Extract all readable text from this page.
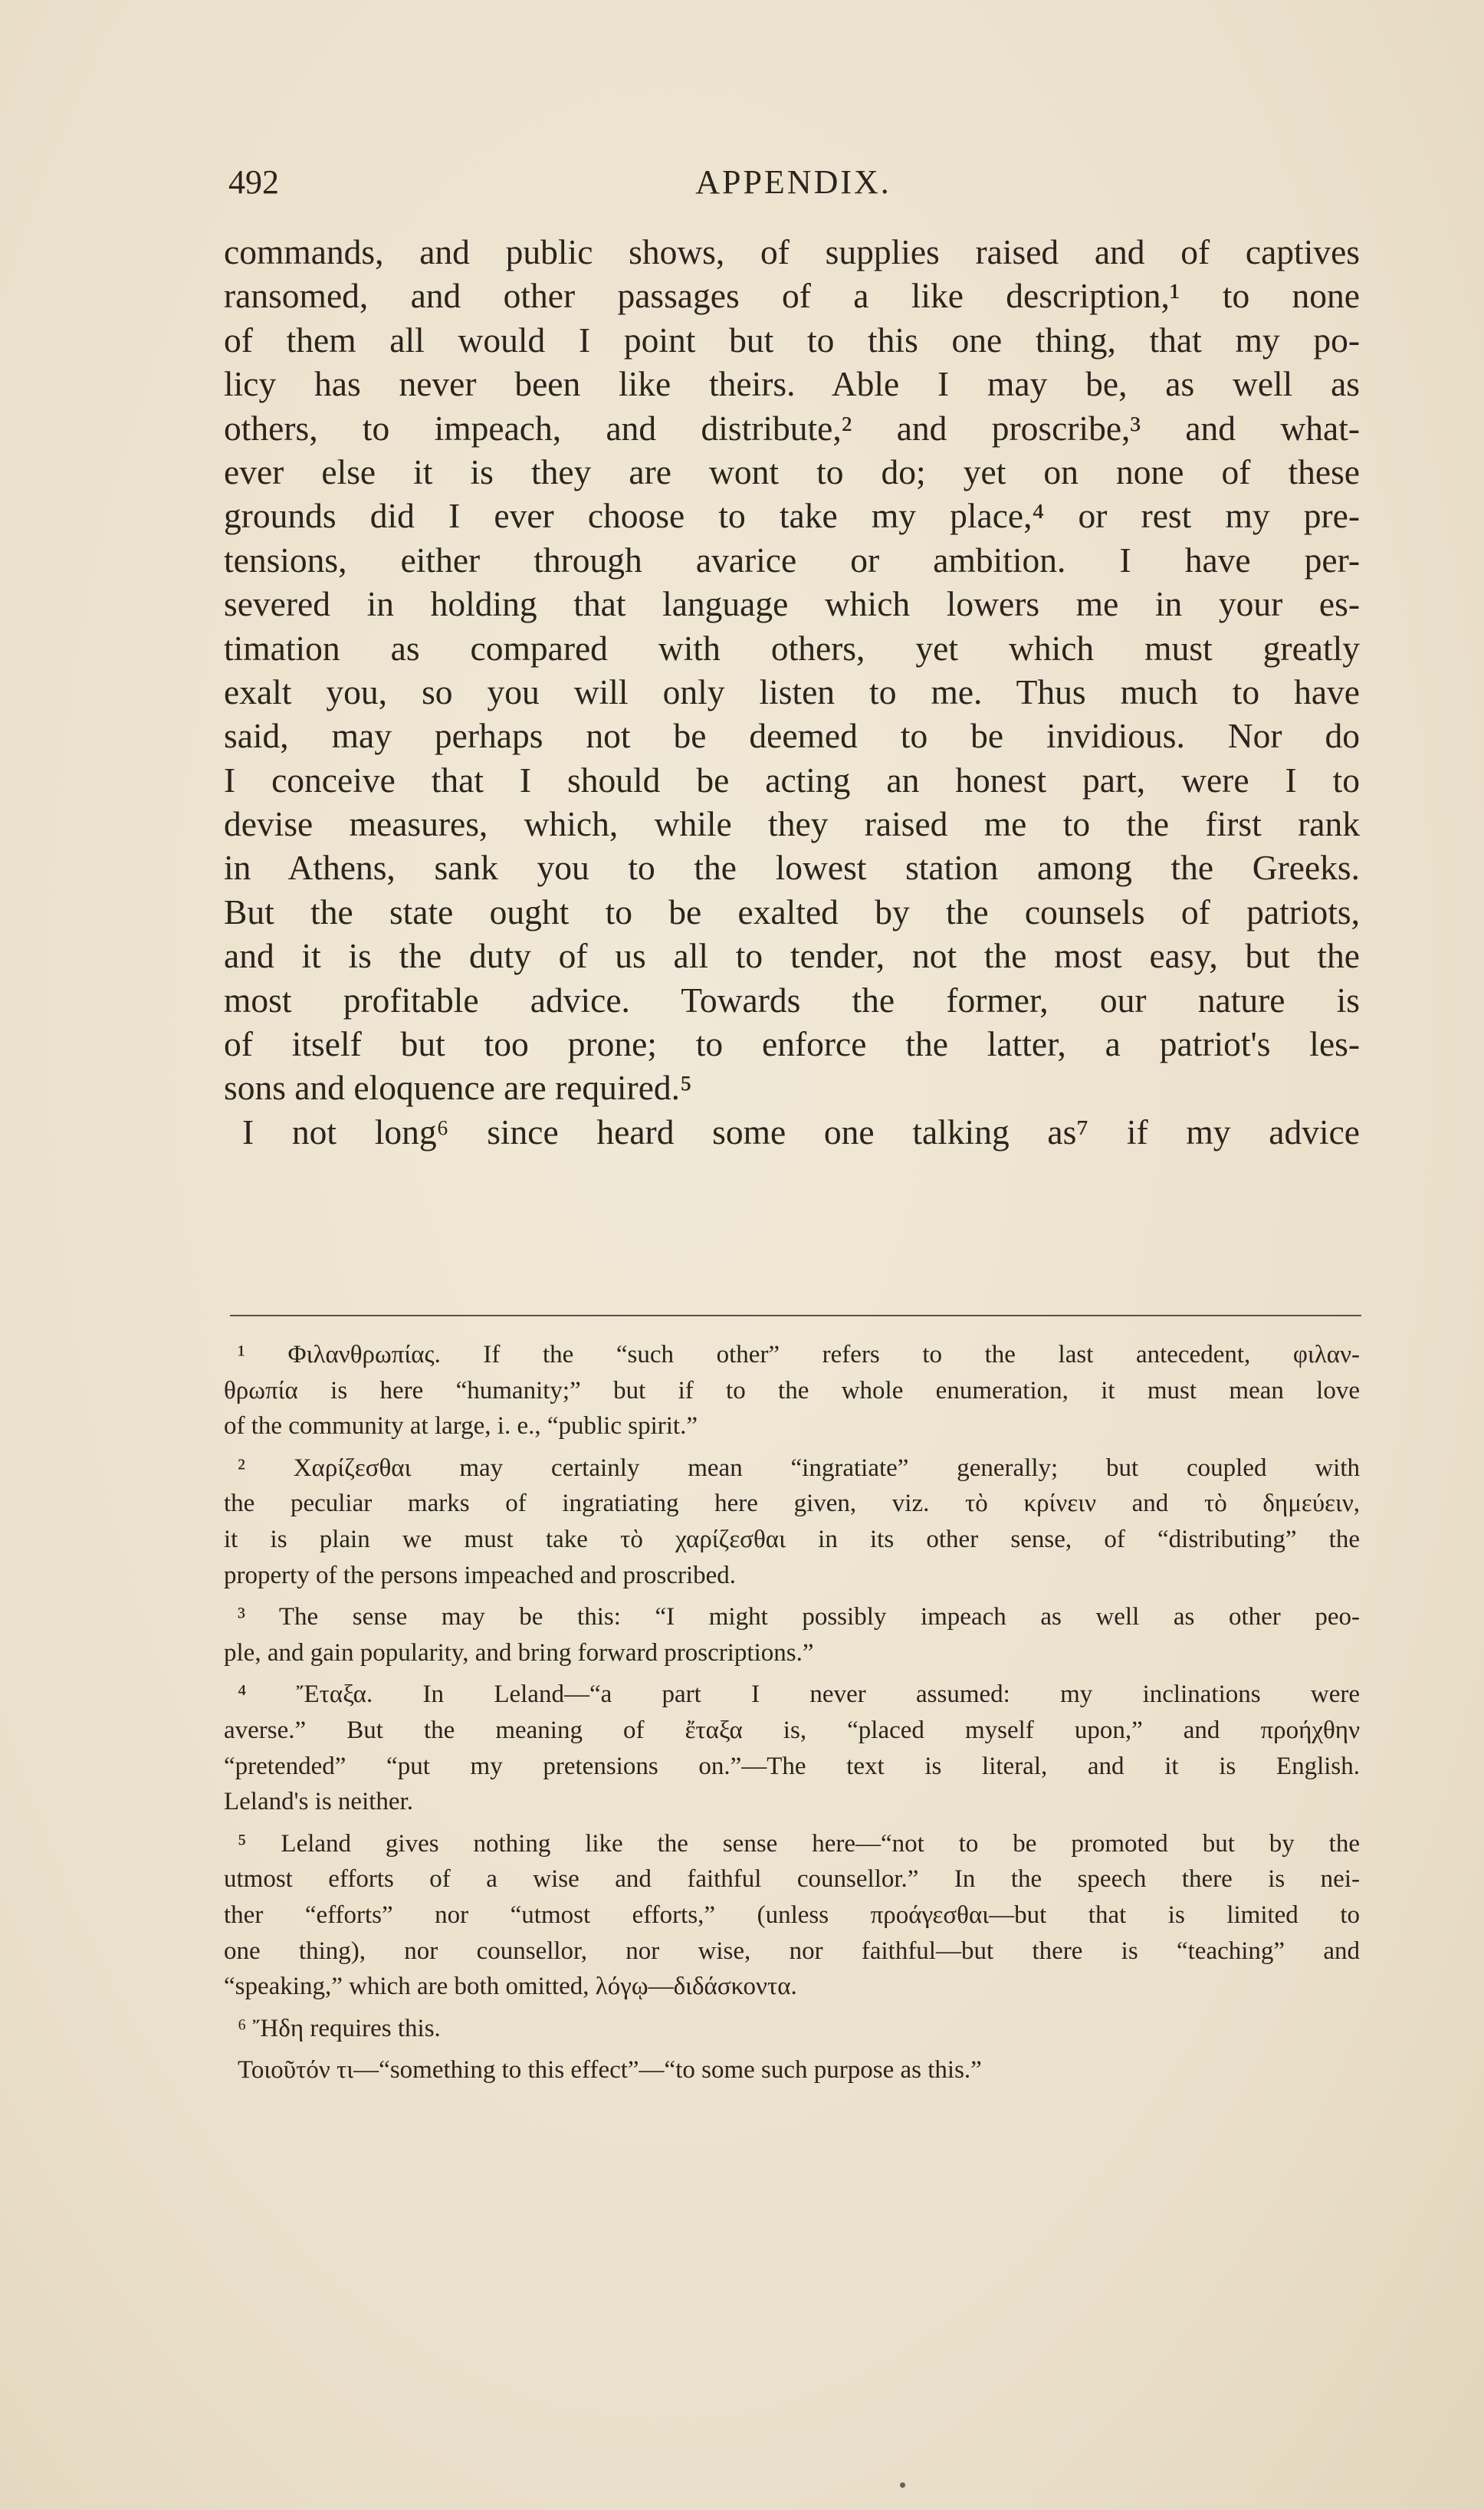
492	APPENDIX.
commands, and public shows, of supplies raised and of captives
ransomed, and other passages of a like description,¹ to none
of them all would I point but to this one thing, that my po-
licy has never been like theirs. Able I may be, as well as
others, to impeach, and distribute,² and proscribe,³ and what-
ever else it is they are wont to do; yet on none of these
grounds did I ever choose to take my place,⁴ or rest my pre-
tensions, either through avarice or ambition. I have per-
severed in holding that language which lowers me in your es-
timation as compared with others, yet which must greatly
exalt you, so you will only listen to me. Thus much to have
said, may perhaps not be deemed to be invidious. Nor do
I conceive that I should be acting an honest part, were I to
devise measures, which, while they raised me to the first rank
in Athens, sank you to the lowest station among the Greeks.
But the state ought to be exalted by the counsels of patriots,
and it is the duty of us all to tender, not the most easy, but the
most profitable advice. Towards the former, our nature is
of itself but too prone; to enforce the latter, a patriot's les-
sons and eloquence are required.⁵
I not long⁶ since heard some one talking as⁷ if my advice
¹ Φιλανθρωπίας. If the “such other” refers to the last antecedent, φιλαν-
θρωπία is here “humanity;” but if to the whole enumeration, it must mean love
of the community at large, i. e., “public spirit.”
² Χαρίζεσθαι may certainly mean “ingratiate” generally; but coupled with
the peculiar marks of ingratiating here given, viz. τὸ κρίνειν and τὸ δημεύειν,
it is plain we must take τὸ χαρίζεσθαι in its other sense, of “distributing” the
property of the persons impeached and proscribed.
³ The sense may be this: “I might possibly impeach as well as other peo-
ple, and gain popularity, and bring forward proscriptions.”
⁴ Ἔταξα. In Leland—“a part I never assumed: my inclinations were
averse.” But the meaning of ἔταξα is, “placed myself upon,” and προήχθην
“pretended” “put my pretensions on.”—The text is literal, and it is English.
Leland's is neither.
⁵ Leland gives nothing like the sense here—“not to be promoted but by the
utmost efforts of a wise and faithful counsellor.” In the speech there is nei-
ther “efforts” nor “utmost efforts,” (unless προάγεσθαι—but that is limited to
one thing), nor counsellor, nor wise, nor faithful—but there is “teaching” and
“speaking,” which are both omitted, λόγῳ—διδάσκοντα.
⁶ Ἤδη requires this.
Τοιοῦτόν τι—“something to this effect”—“to some such purpose as this.”
